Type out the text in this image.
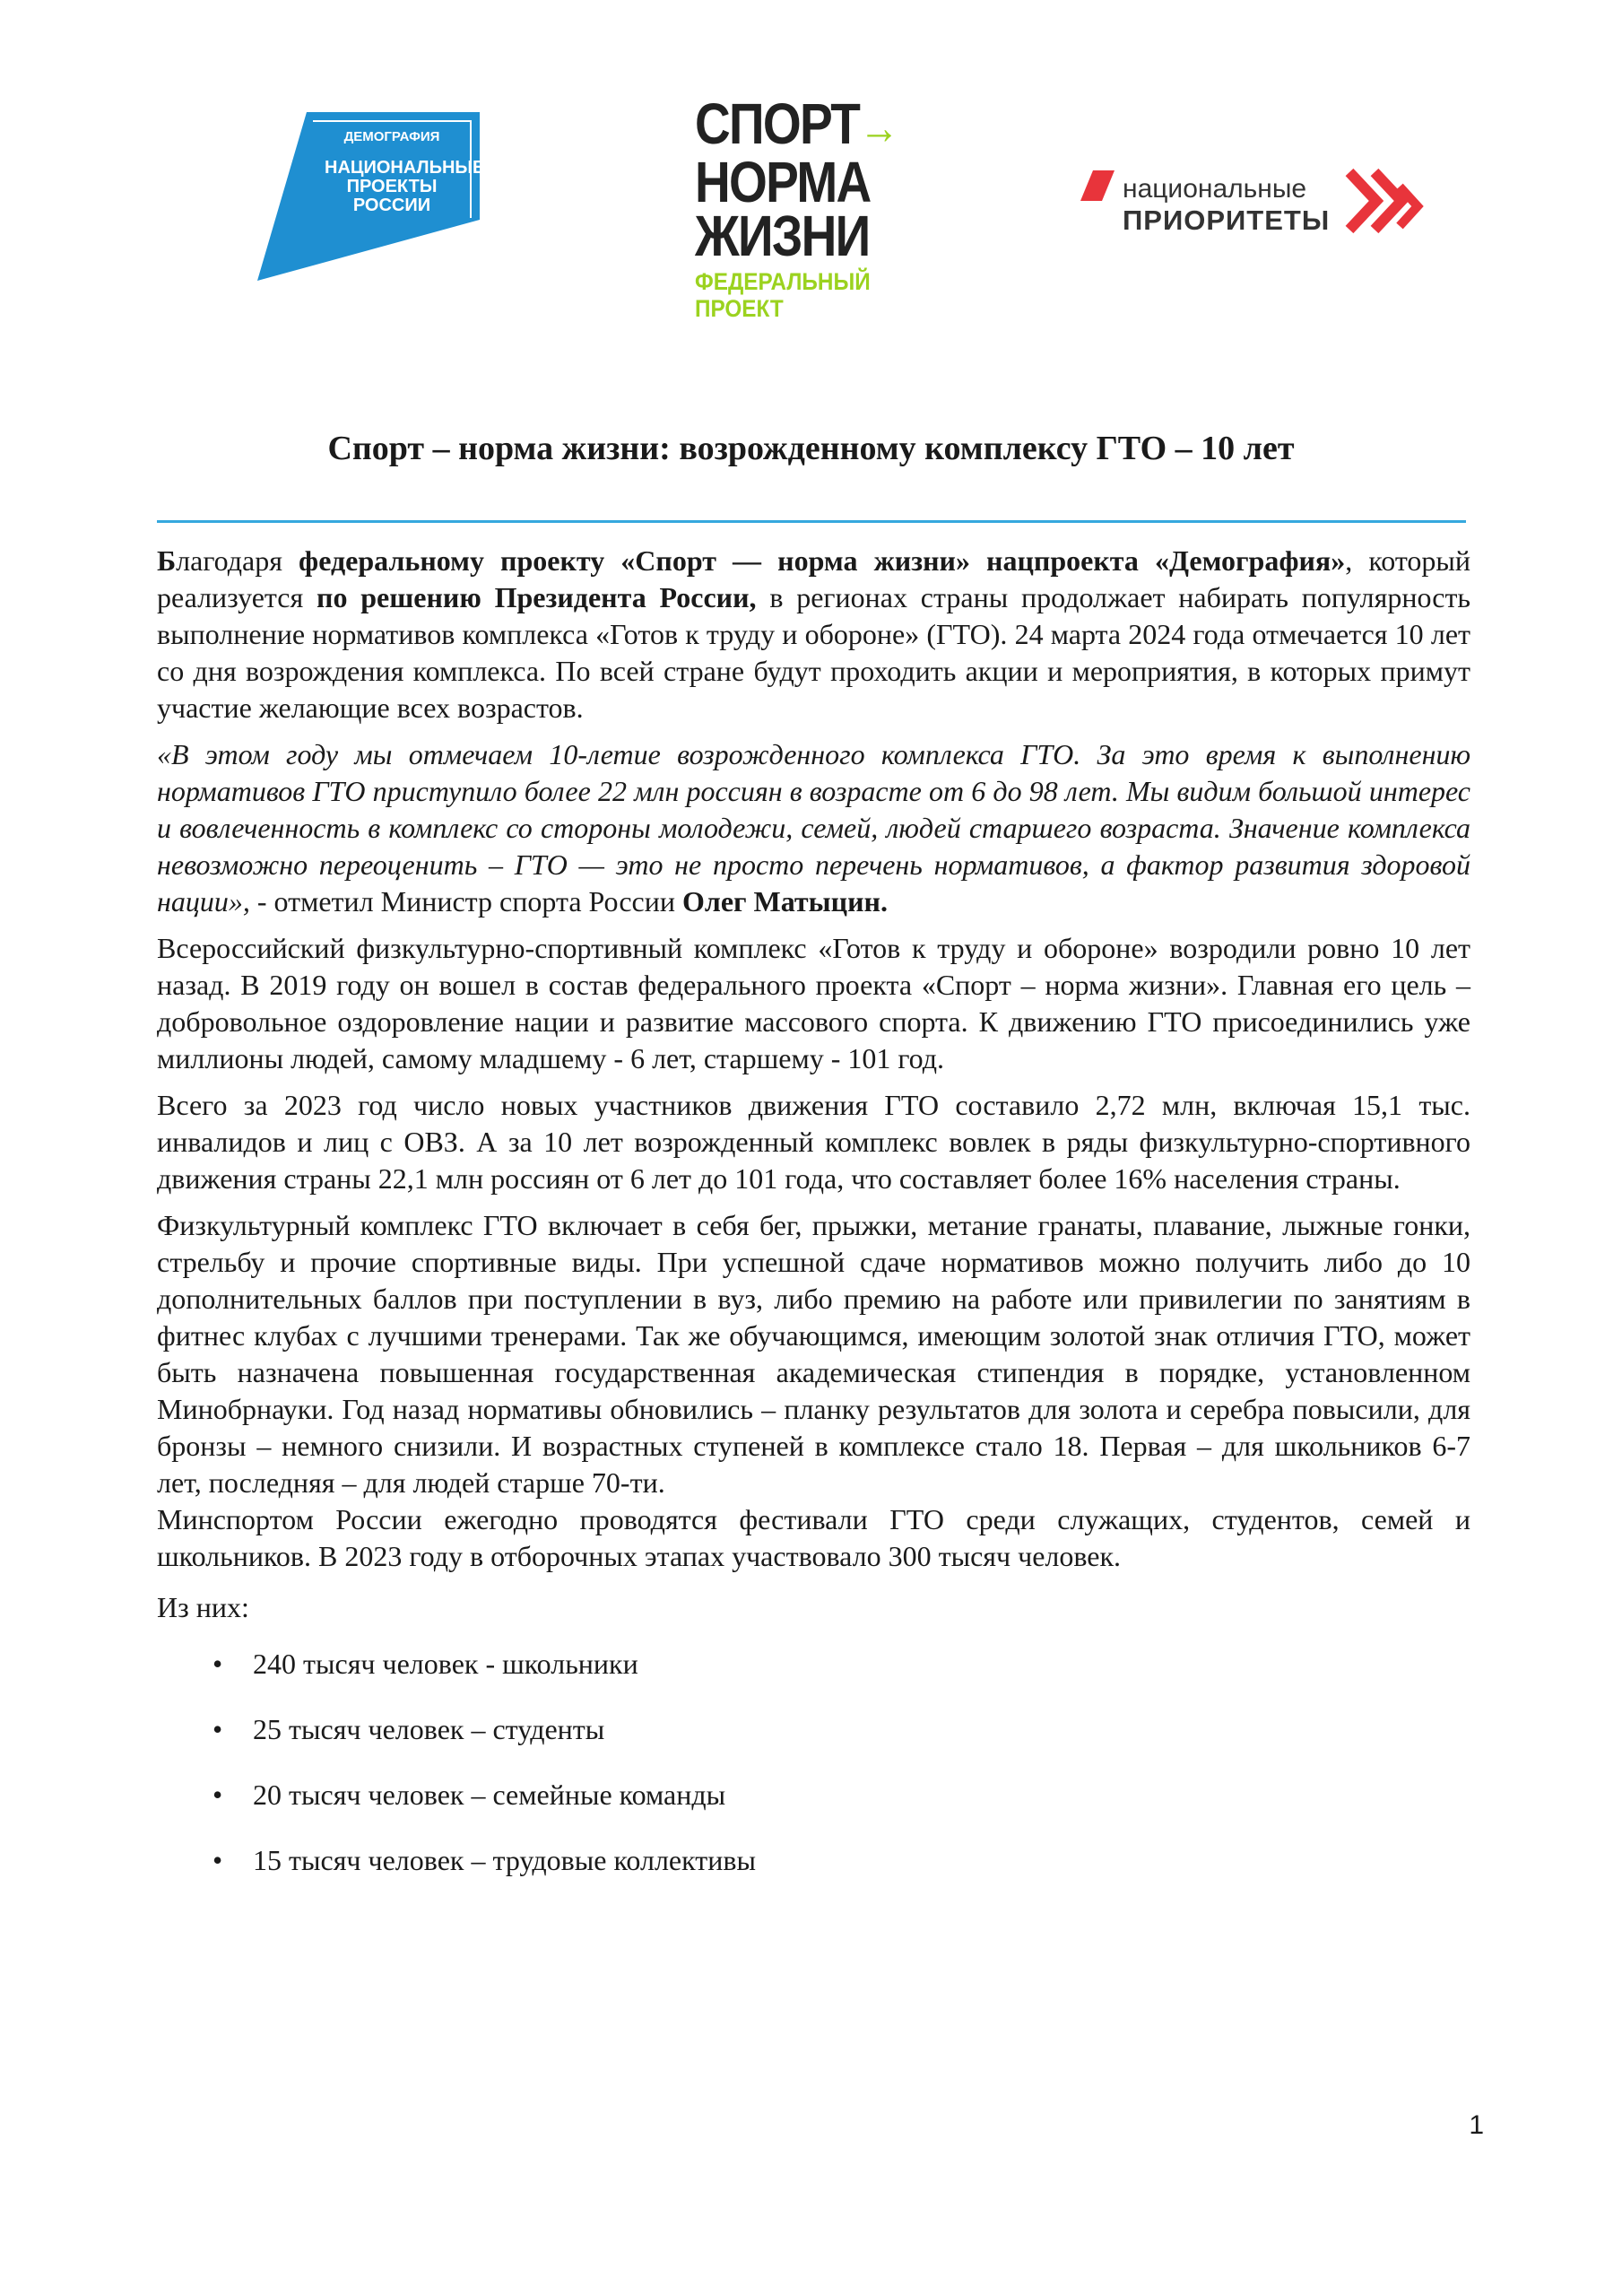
ДЕМОГРАФИЯ
НАЦИОНАЛЬНЫЕ
ПРОЕКТЫ
РОССИИ
СПОРТ→
НОРМА
ЖИЗНИ
ФЕДЕРАЛЬНЫЙ
ПРОЕКТ
национальные
ПРИОРИТЕТЫ
Спорт – норма жизни: возрожденному комплексу ГТО – 10 лет

Благодаря федеральному проекту «Спорт — норма жизни» нацпроекта «Демография», который реализуется по решению Президента России, в регионах страны продолжает набирать популярность выполнение нормативов комплекса «Готов к труду и обороне» (ГТО). 24 марта 2024 года отмечается 10 лет со дня возрождения комплекса. По всей стране будут проходить акции и мероприятия, в которых примут участие желающие всех возрастов.

«В этом году мы отмечаем 10-летие возрожденного комплекса ГТО. За это время к выполнению нормативов ГТО приступило более 22 млн россиян в возрасте от 6 до 98 лет. Мы видим большой интерес и вовлеченность в комплекс со стороны молодежи, семей, людей старшего возраста. Значение комплекса невозможно переоценить – ГТО — это не просто перечень нормативов, а фактор развития здоровой нации», - отметил Министр спорта России Олег Матыцин.

Всероссийский физкультурно-спортивный комплекс «Готов к труду и обороне» возродили ровно 10 лет назад. В 2019 году он вошел в состав федерального проекта «Спорт – норма жизни». Главная его цель – добровольное оздоровление нации и развитие массового спорта. К движению ГТО присоединились уже миллионы людей, самому младшему - 6 лет, старшему - 101 год.

Всего за 2023 год число новых участников движения ГТО составило 2,72 млн, включая 15,1 тыс. инвалидов и лиц с ОВЗ. А за 10 лет возрожденный комплекс вовлек в ряды физкультурно-спортивного движения страны 22,1 млн россиян от 6 лет до 101 года, что составляет более 16% населения страны.

Физкультурный комплекс ГТО включает в себя бег, прыжки, метание гранаты, плавание, лыжные гонки, стрельбу и прочие спортивные виды. При успешной сдаче нормативов можно получить либо до 10 дополнительных баллов при поступлении в вуз, либо премию на работе или привилегии по занятиям в фитнес клубах с лучшими тренерами. Так же обучающимся, имеющим золотой знак отличия ГТО, может быть назначена повышенная государственная академическая стипендия в порядке, установленном Минобрнауки. Год назад нормативы обновились – планку результатов для золота и серебра повысили, для бронзы – немного снизили. И возрастных ступеней в комплексе стало 18. Первая – для школьников 6-7 лет, последняя – для людей старше 70-ти.

Минспортом России ежегодно проводятся фестивали ГТО среди служащих, студентов, семей и школьников. В 2023 году в отборочных этапах участвовало 300 тысяч человек.

Из них:

• 240 тысяч человек - школьники
• 25 тысяч человек – студенты
• 20 тысяч человек – семейные команды
• 15 тысяч человек – трудовые коллективы
1
